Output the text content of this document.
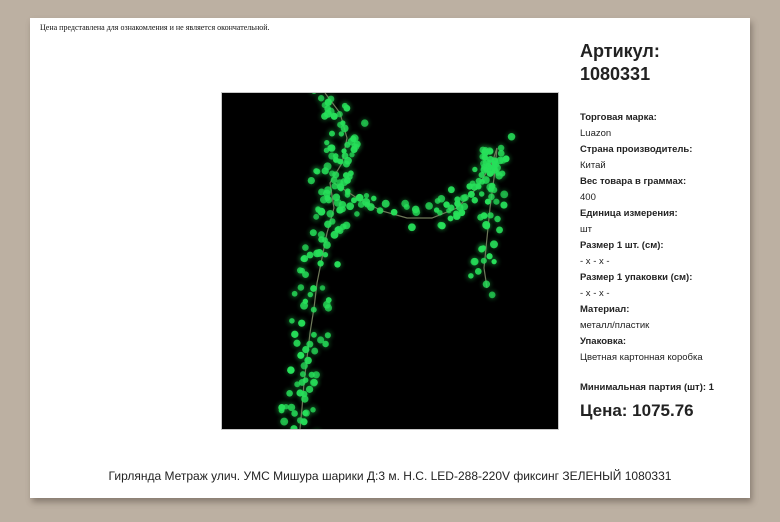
Цена представлена для ознакомления и не является окончательной.
Артикул:
1080331
Торговая марка:
Luazon
Страна производитель:
Китай
Вес товара в граммах:
400
Единица измерения:
шт
Размер 1 шт. (см):
- x - x -
Размер 1 упаковки (см):
- x - x -
Материал:
металл/пластик
Упаковка:
Цветная картонная коробка
Минимальная партия (шт): 1
Цена: 1075.76
Гирлянда Метраж улич. УМС Мишура шарики Д:3 м. Н.С. LED-288-220V фиксинг ЗЕЛЕНЫЙ 1080331
